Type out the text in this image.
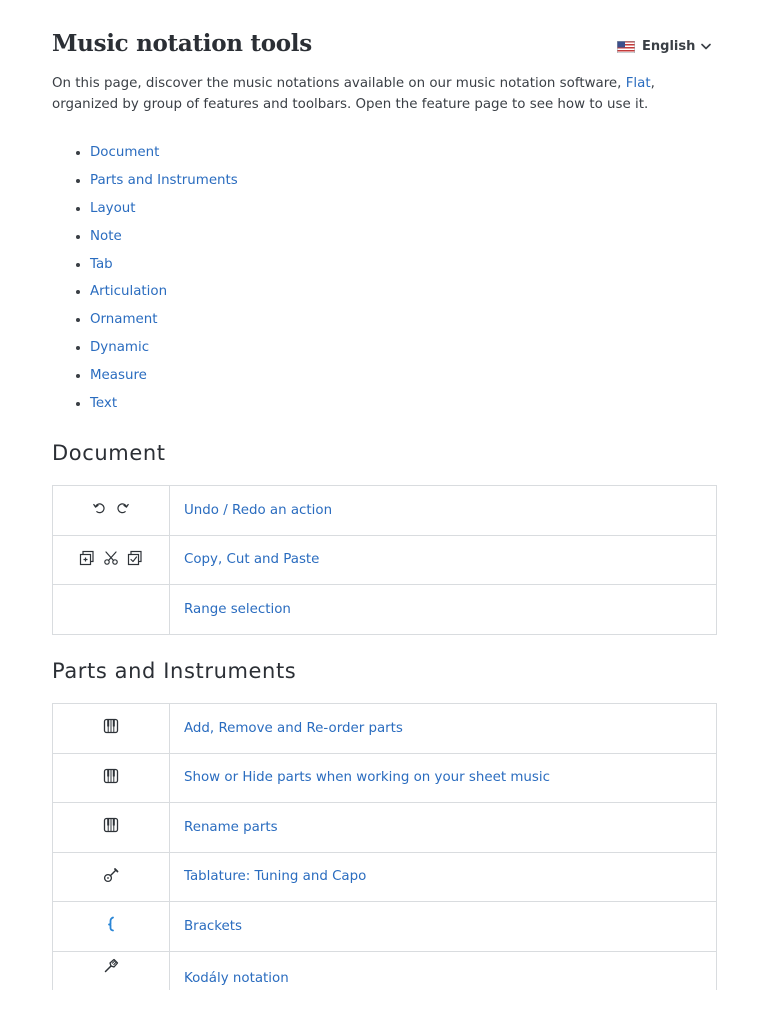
Music notation tools	English

On this page, discover the music notations available on our music notation software, Flat, organized by group of features and toolbars. Open the feature page to see how to use it.

Document
Parts and Instruments
Layout
Note
Tab
Articulation
Ornament
Dynamic
Measure
Text
Document
	Undo / Redo an action

	Copy, Cut and Paste
	Range selection
Parts and Instruments
	Add, Remove and Re-order parts
	Show or Hide parts when working on your sheet music
	Rename parts
	Tablature: Tuning and Capo
	Brackets
	Kodály notation
